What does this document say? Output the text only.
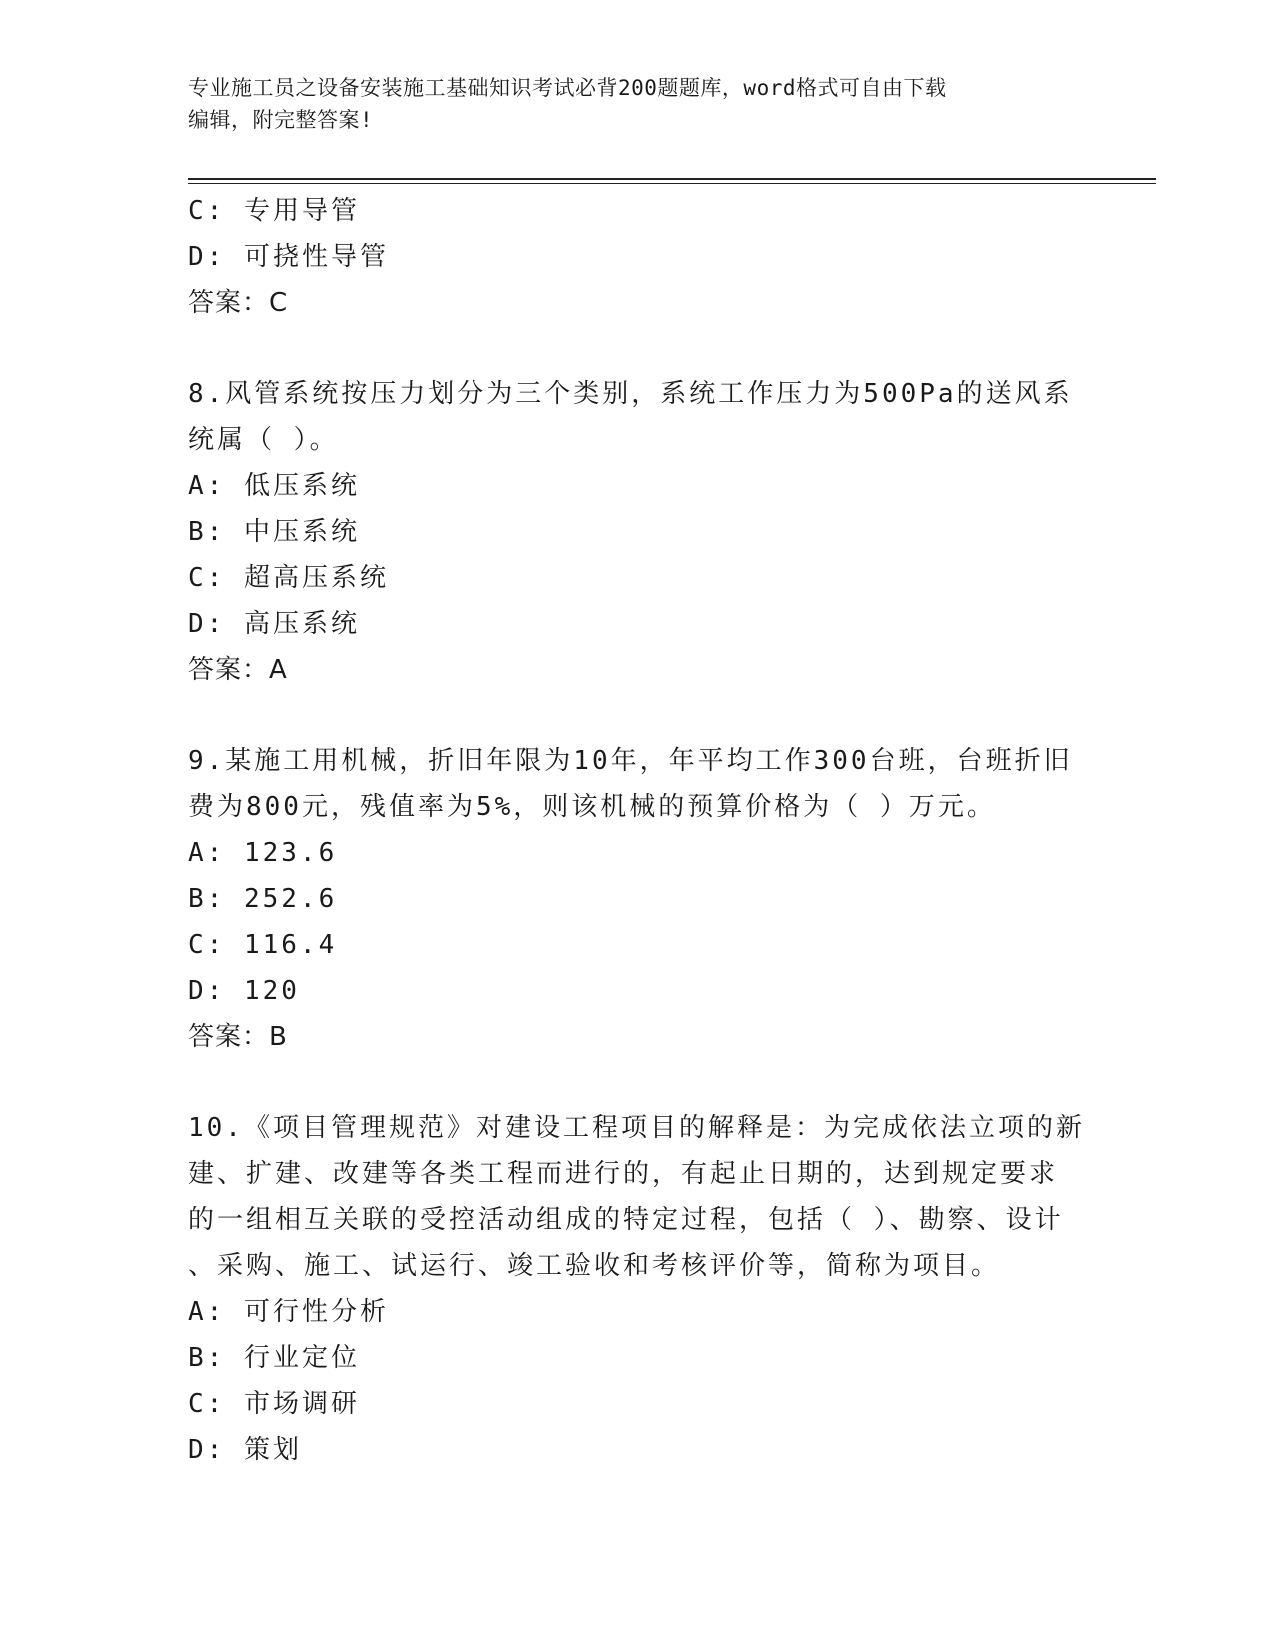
专业施工员之设备安装施工基础知识考试必背200题题库，word格式可自由下载
编辑，附完整答案!
C: 专用导管
D: 可挠性导管
答案：C
8.风管系统按压力划分为三个类别，系统工作压力为500Pa的送风系
统属（ ）。
A: 低压系统
B: 中压系统
C: 超高压系统
D: 高压系统
答案：A
9.某施工用机械，折旧年限为10年，年平均工作300台班，台班折旧
费为800元，残值率为5%，则该机械的预算价格为（ ）万元。
A: 123.6
B: 252.6
C: 116.4
D: 120
答案：B
10.《项目管理规范》对建设工程项目的解释是：为完成依法立项的新
建、扩建、改建等各类工程而进行的，有起止日期的，达到规定要求
的一组相互关联的受控活动组成的特定过程，包括（ ）、勘察、设计
、采购、施工、试运行、竣工验收和考核评价等，简称为项目。
A: 可行性分析
B: 行业定位
C: 市场调研
D: 策划
